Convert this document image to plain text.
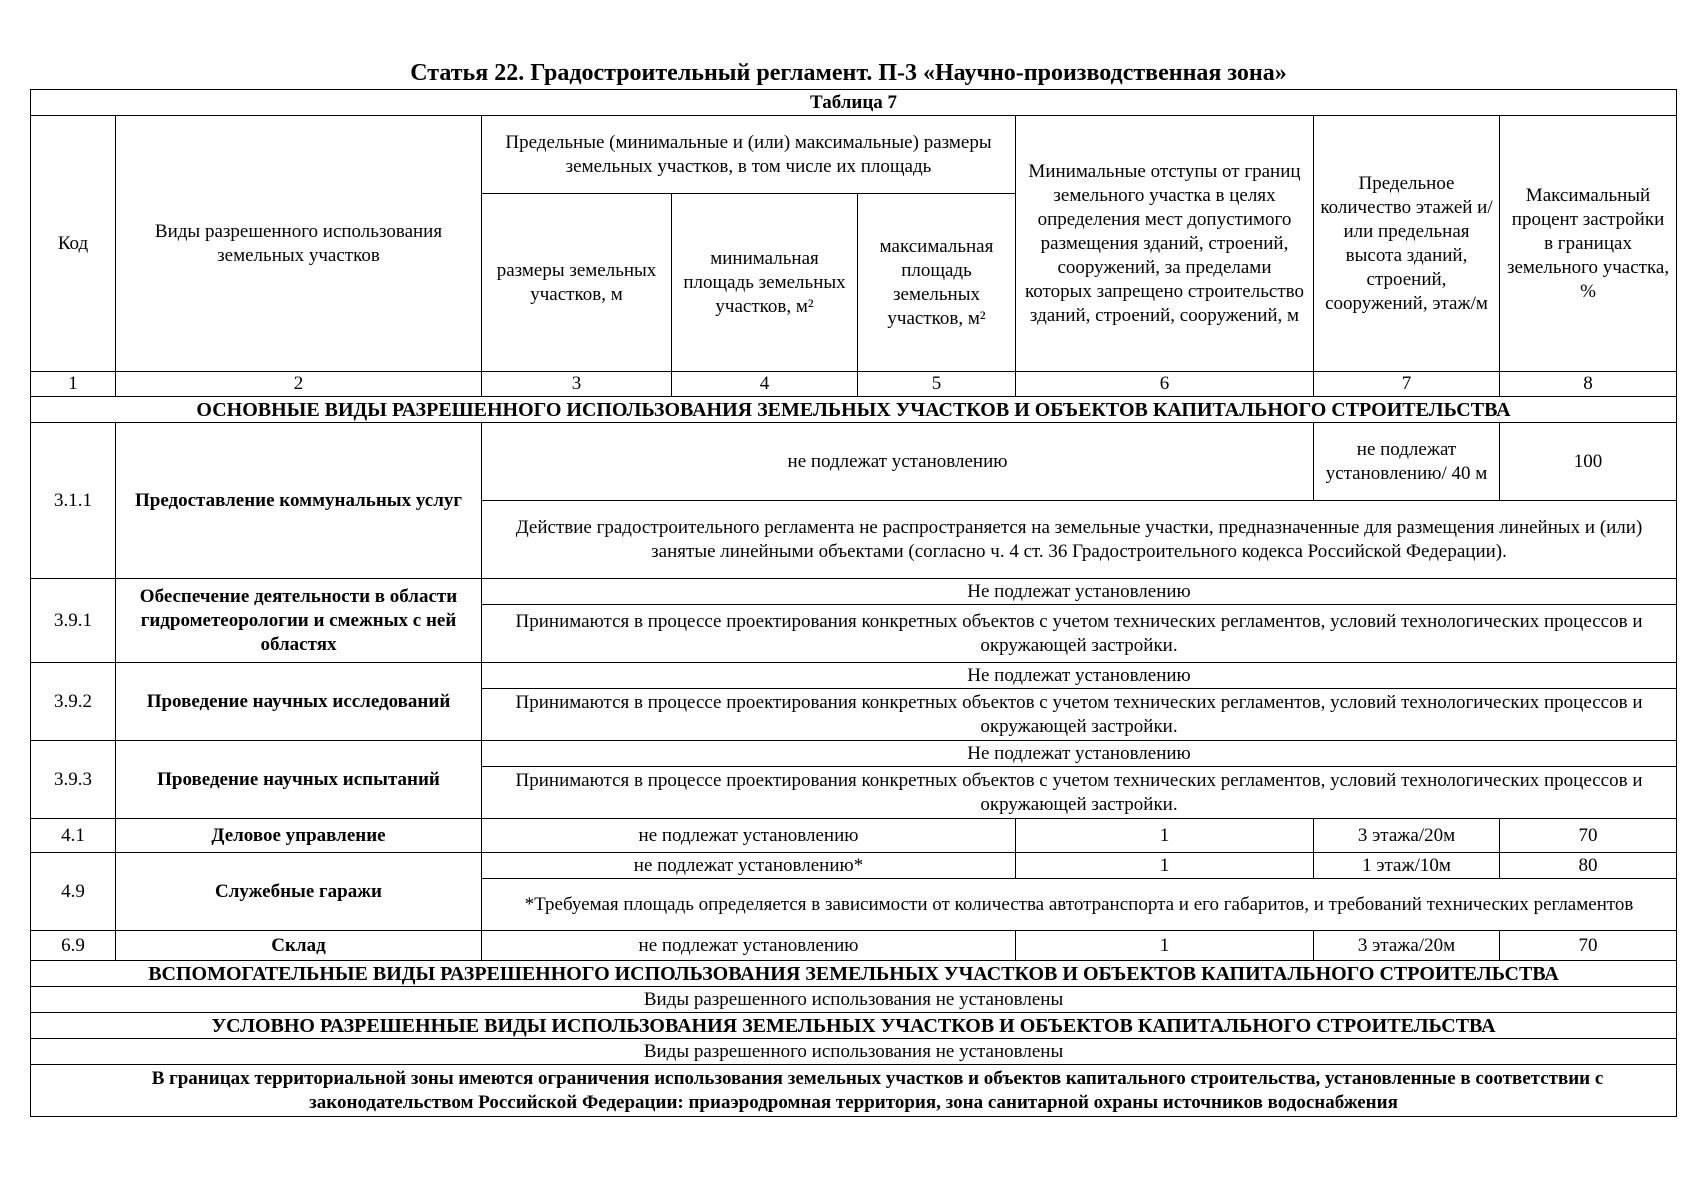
Статья 22. Градостроительный регламент. П-3 «Научно-производственная зона»
Таблица 7							
Код	Виды разрешенного использования земельных участков	Предельные (минимальные и (или) максимальные) размеры земельных участков, в том числе их площадь			Минимальные отступы от границ земельного участка в целях определения мест допустимого размещения зданий, строений, сооружений, за пределами которых запрещено строительство зданий, строений, сооружений, м	Предельное количество этажей и/или предельная высота зданий, строений, сооружений, этаж/м	Максимальный процент застройки в границах земельного участка, %
		размеры земельных участков, м	минимальная площадь земельных участков, м²	максимальная площадь земельных участков, м²			
1	2	3	4	5	6	7	8
ОСНОВНЫЕ ВИДЫ РАЗРЕШЕННОГО ИСПОЛЬЗОВАНИЯ ЗЕМЕЛЬНЫХ УЧАСТКОВ И ОБЪЕКТОВ КАПИТАЛЬНОГО СТРОИТЕЛЬСТВА							
3.1.1	Предоставление коммунальных услуг	не подлежат установлению				не подлежат установлению/ 40 м	100
		Действие градостроительного регламента не распространяется на земельные участки, предназначенные для размещения линейных и (или) занятые линейными объектами (согласно ч. 4 ст. 36 Градостроительного кодекса Российской Федерации).					
3.9.1	Обеспечение деятельности в области гидрометеорологии и смежных с ней областях	Не подлежат установлению					
		Принимаются в процессе проектирования конкретных объектов с учетом технических регламентов, условий технологических процессов и окружающей застройки.					
3.9.2	Проведение научных исследований	Не подлежат установлению					
		Принимаются в процессе проектирования конкретных объектов с учетом технических регламентов, условий технологических процессов и окружающей застройки.					
3.9.3	Проведение научных испытаний	Не подлежат установлению					
		Принимаются в процессе проектирования конкретных объектов с учетом технических регламентов, условий технологических процессов и окружающей застройки.					
4.1	Деловое управление	не подлежат установлению			1	3 этажа/20м	70
4.9	Служебные гаражи	не подлежат установлению*			1	1 этаж/10м	80
		*Требуемая площадь определяется в зависимости от количества автотранспорта и его габаритов, и требований технических регламентов					
6.9	Склад	не подлежат установлению			1	3 этажа/20м	70
ВСПОМОГАТЕЛЬНЫЕ ВИДЫ РАЗРЕШЕННОГО ИСПОЛЬЗОВАНИЯ ЗЕМЕЛЬНЫХ УЧАСТКОВ И ОБЪЕКТОВ КАПИТАЛЬНОГО СТРОИТЕЛЬСТВА							
Виды разрешенного использования не установлены							
УСЛОВНО РАЗРЕШЕННЫЕ ВИДЫ ИСПОЛЬЗОВАНИЯ ЗЕМЕЛЬНЫХ УЧАСТКОВ И ОБЪЕКТОВ КАПИТАЛЬНОГО СТРОИТЕЛЬСТВА							
Виды разрешенного использования не установлены							
В границах территориальной зоны имеются ограничения использования земельных участков и объектов капитального строительства, установленные в соответствии с законодательством Российской Федерации: приаэродромная территория, зона санитарной охраны источников водоснабжения							
